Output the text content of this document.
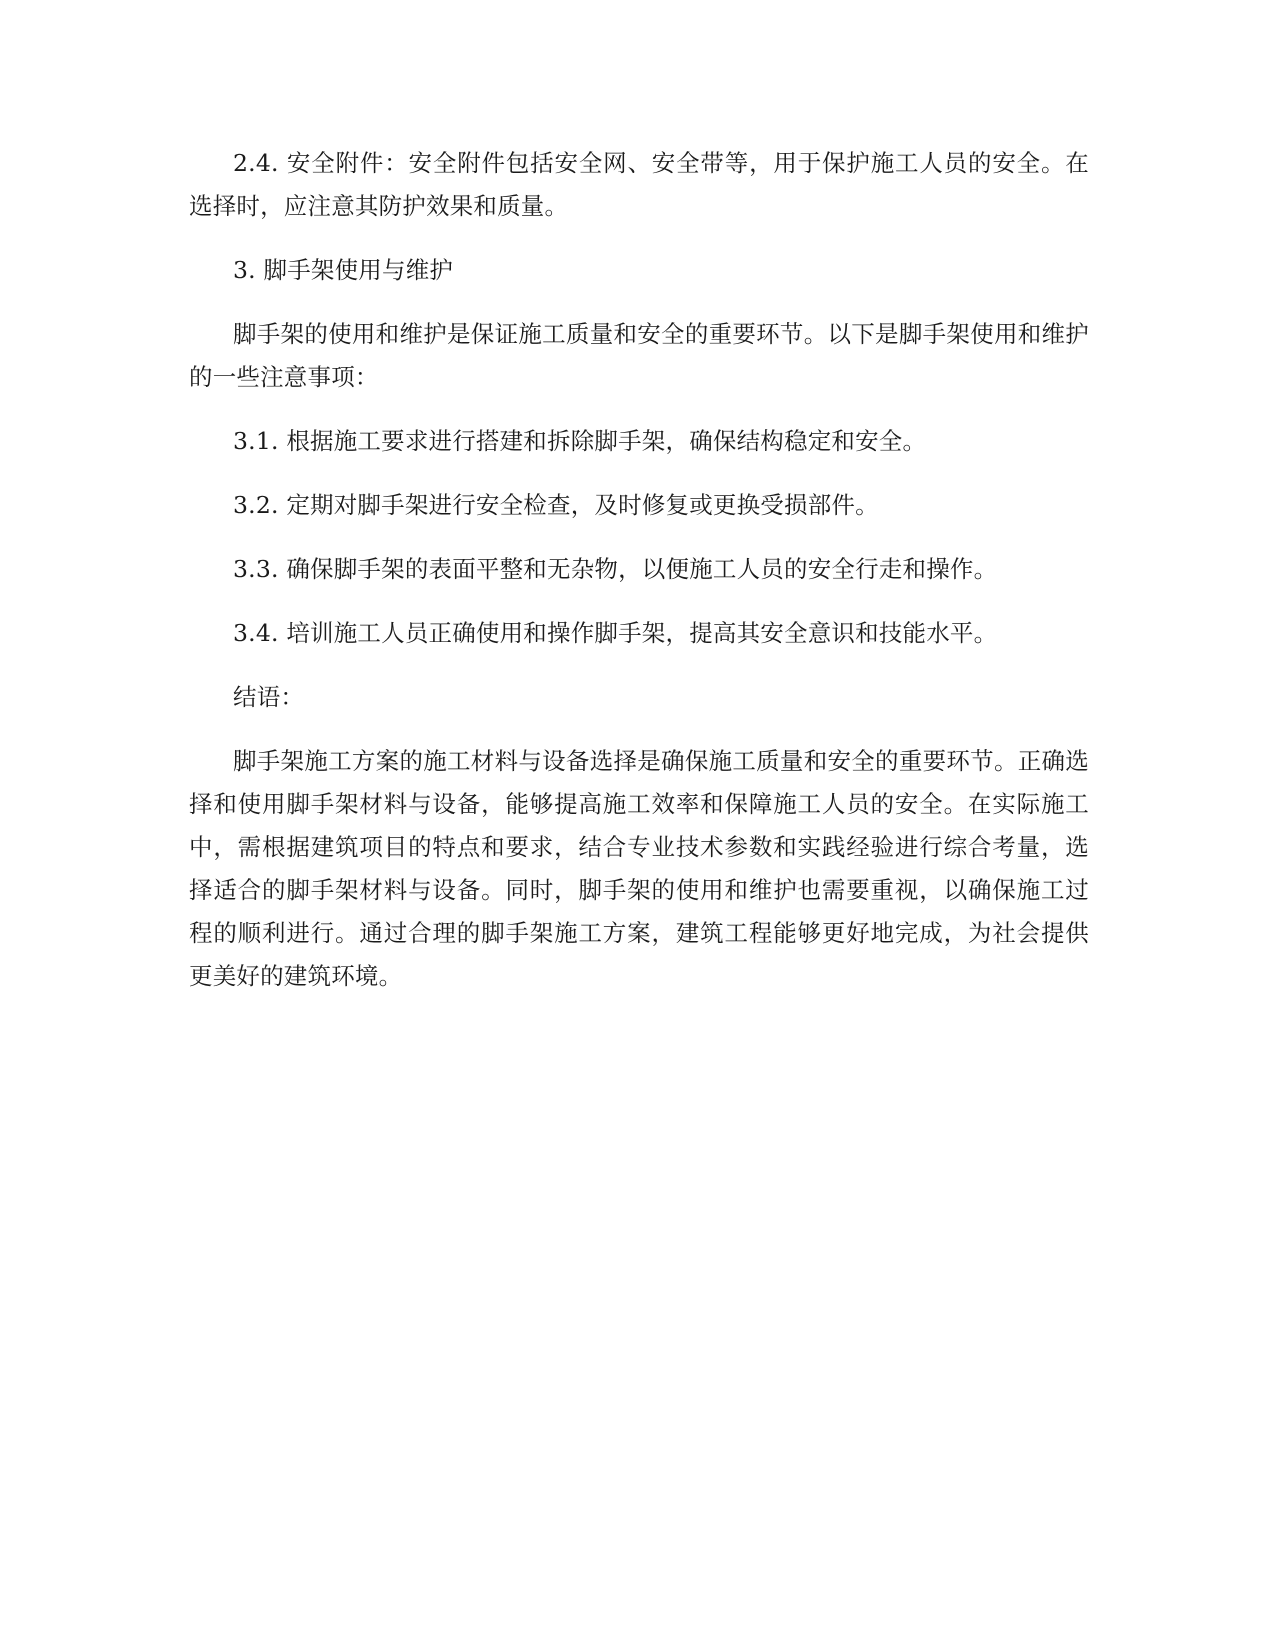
2.4. 安全附件：安全附件包括安全网、安全带等，用于保护施工人员的安全。在选择时，应注意其防护效果和质量。

3. 脚手架使用与维护

脚手架的使用和维护是保证施工质量和安全的重要环节。以下是脚手架使用和维护的一些注意事项：

3.1. 根据施工要求进行搭建和拆除脚手架，确保结构稳定和安全。

3.2. 定期对脚手架进行安全检查，及时修复或更换受损部件。

3.3. 确保脚手架的表面平整和无杂物，以便施工人员的安全行走和操作。

3.4. 培训施工人员正确使用和操作脚手架，提高其安全意识和技能水平。

结语：

脚手架施工方案的施工材料与设备选择是确保施工质量和安全的重要环节。正确选择和使用脚手架材料与设备，能够提高施工效率和保障施工人员的安全。在实际施工中，需根据建筑项目的特点和要求，结合专业技术参数和实践经验进行综合考量，选择适合的脚手架材料与设备。同时，脚手架的使用和维护也需要重视，以确保施工过程的顺利进行。通过合理的脚手架施工方案，建筑工程能够更好地完成，为社会提供更美好的建筑环境。
